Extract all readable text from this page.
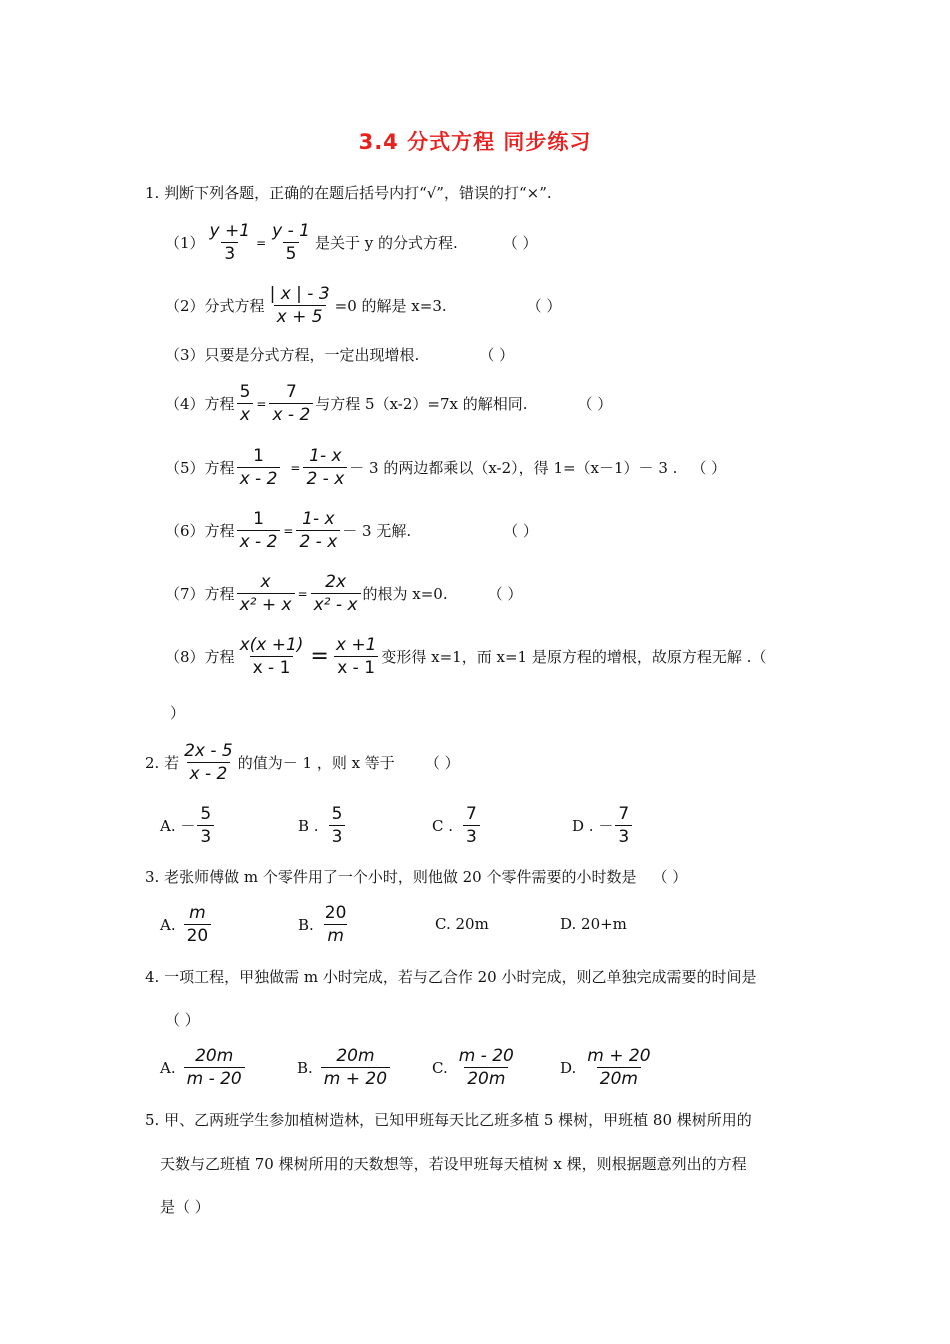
3.4 分式方程 同步练习
1. 判断下列各题，正确的在题后括号内打“√”，错误的打“×”.
$(1) \frac{y +1}{3} = \frac{y - 1}{5}$ 是关于 y 的分式方程.	（ ）
（2） 分式方程 $\frac{| x | - 3}{x + 5} =0$ 的解是 x=3.	（ ）
（3） 只要是分式方程，一定出现增根.	（ ）
（4） 方程 $\frac{5}{x} = \frac{7}{x - 2}$ 与方程 5（x-2）=7x 的解相同.	（ ）
（5） 方程 $\frac{1}{x - 2} = \frac{1- x}{2 - x} - 3$ 的两边都乘以（x-2），得 1=（x－1）－ 3 . （ ）
（6） 方程 $\frac{1}{x - 2} = \frac{1- x}{2 - x} - 3$ 无解.	（ ）
（7） 方程 $\frac{x}{\text{x² + x}} = \frac{2x}{\text{x² - x}}$ 的根为 x=0.	（ ）
（8） 方程 $\frac{x(x +1)}{x - 1} = \frac{x +1}{x - 1}$ 变形得 x=1，而 x=1 是原方程的增根，故原方程无解 .（
）
2. 若 $\frac{2x - 5}{x - 2}$ 的值为－ 1 ，则 x 等于 （ ）
A. － $\frac{5}{3}$	B . $\frac{5}{3}$	C . $\frac{7}{3}$	D . － $\frac{7}{3}$
3. 老张师傅做 m 个零件用了一个小时，则他做 20 个零件需要的小时数是 （ ）
A. $\frac{m}{20}$	B. $\frac{20}{m}$	C. 20m	D. 20+m
4. 一项工程，甲独做需 m 小时完成，若与乙合作 20 小时完成，则乙单独完成需要的时间是
（ ）
A. $\frac{20m}{m - 20}$	B. $\frac{20m}{m + 20}$	C. $\frac{m - 20}{20m}$	D. $\frac{m + 20}{20m}$
5. 甲、乙两班学生参加植树造林，已知甲班每天比乙班多植 5 棵树，甲班植 80 棵树所用的
天数与乙班植 70 棵树所用的天数想等，若设甲班每天植树 x 棵，则根据题意列出的方程
是（ ）
